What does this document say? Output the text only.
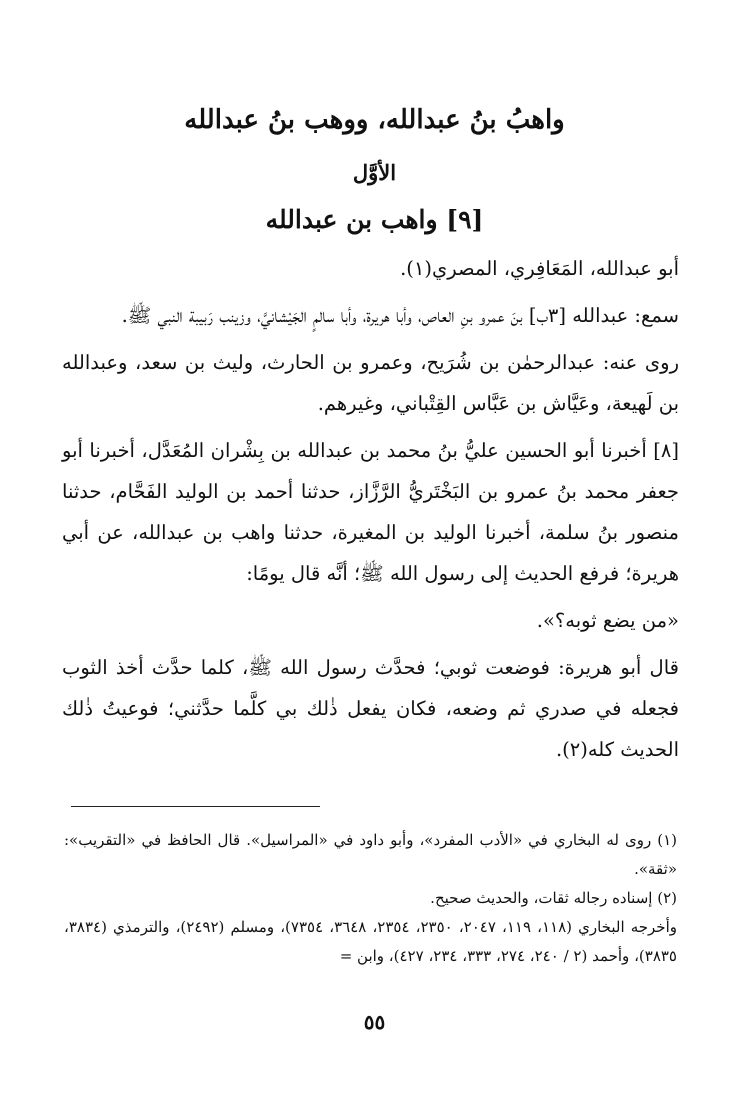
واهبُ بنُ عبدالله، ووهب بنُ عبدالله
الأوَّل
[٩] واهب بن عبدالله

أبو عبدالله، المَعَافِري، المصري(١).

سمع: عبدالله [٣ب] بنَ عمرو بنِ العاص، وأبا هريرة، وأبا سالمٍ الجَيْشانيَّ، وزينب رَبيبة النبي ﷺ.

روى عنه: عبدالرحمٰن بن شُرَيح، وعمرو بن الحارث، وليث بن سعد، وعبدالله بن لَهيعة، وعَيَّاش بن عَبَّاس القِتْباني، وغيرهم.

[٨] أخبرنا أبو الحسين عليُّ بنُ محمد بن عبدالله بن بِشْران المُعَدَّل، أخبرنا أبو جعفر محمد بنُ عمرو بن البَخْتَريُّ الرَّزَّاز، حدثنا أحمد بن الوليد الفَحَّام، حدثنا منصور بنُ سلمة، أخبرنا الوليد بن المغيرة، حدثنا واهب بن عبدالله، عن أبي هريرة؛ فرفع الحديث إلى رسول الله ﷺ؛ أنَّه قال يومًا:

«من يضع ثوبه؟».

قال أبو هريرة: فوضعت ثوبي؛ فحدَّث رسول الله ﷺ، كلما حدَّث أخذ الثوب فجعله في صدري ثم وضعه، فكان يفعل ذٰلك بي كلَّما حدَّثني؛ فوعيتُ ذٰلك الحديث كله(٢).

(١) روى له البخاري في «الأدب المفرد»، وأبو داود في «المراسيل». قال الحافظ في «التقريب»: «ثقة».

(٢) إسناده رجاله ثقات، والحديث صحيح.

وأخرجه البخاري (١١٨، ١١٩، ٢٠٤٧، ٢٣٥٠، ٢٣٥٤، ٣٦٤٨، ٧٣٥٤)، ومسلم (٢٤٩٢)، والترمذي (٣٨٣٤، ٣٨٣٥)، وأحمد (٢ / ٢٤٠، ٢٧٤، ٣٣٣، ٢٣٤، ٤٢٧)، وابن =

٥٥
